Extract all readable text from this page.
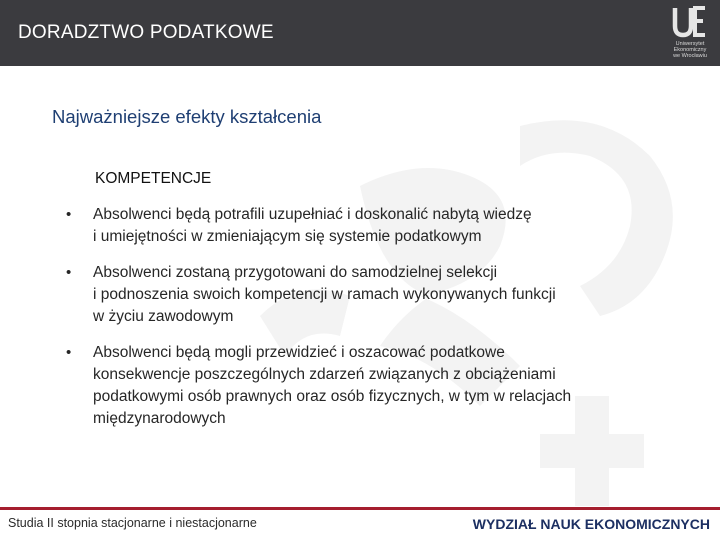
DORADZTWO PODATKOWE
Uniwersytet
Ekonomiczny
we Wrocławiu
Najważniejsze efekty kształcenia
KOMPETENCJE
• Absolwenci będą potrafili uzupełniać i doskonalić nabytą wiedzę
i umiejętności w zmieniającym się systemie podatkowym
• Absolwenci zostaną przygotowani do samodzielnej selekcji
i podnoszenia swoich kompetencji w ramach wykonywanych funkcji
w życiu zawodowym
• Absolwenci będą mogli przewidzieć i oszacować podatkowe
konsekwencje poszczególnych zdarzeń związanych z obciążeniami
podatkowymi osób prawnych oraz osób fizycznych, w tym w relacjach
międzynarodowych
Studia II stopnia stacjonarne i niestacjonarne	WYDZIAŁ NAUK EKONOMICZNYCH
